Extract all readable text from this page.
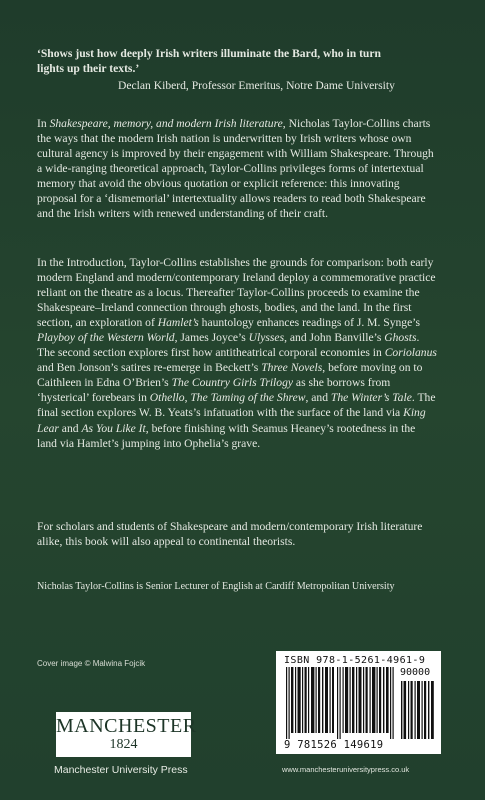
‘Shows just how deeply Irish writers illuminate the Bard, who in turn
lights up their texts.’
Declan Kiberd, Professor Emeritus, Notre Dame University
In Shakespeare, memory, and modern Irish literature, Nicholas Taylor-Collins charts the ways that the modern Irish nation is underwritten by Irish writers whose own cultural agency is improved by their engagement with William Shakespeare. Through a wide-ranging theoretical approach, Taylor-Collins privileges forms of intertextual memory that avoid the obvious quotation or explicit reference: this innovating proposal for a ‘dismemorial’ intertextuality allows readers to read both Shakespeare and the Irish writers with renewed understanding of their craft.
In the Introduction, Taylor-Collins establishes the grounds for comparison: both early modern England and modern/contemporary Ireland deploy a commemorative practice reliant on the theatre as a locus. Thereafter Taylor-Collins proceeds to examine the Shakespeare–Ireland connection through ghosts, bodies, and the land. In the first section, an exploration of Hamlet’s hauntology enhances readings of J. M. Synge’s Playboy of the Western World, James Joyce’s Ulysses, and John Banville’s Ghosts. The second section explores first how antitheatrical corporal economies in Coriolanus and Ben Jonson’s satires re-emerge in Beckett’s Three Novels, before moving on to Caithleen in Edna O’Brien’s The Country Girls Trilogy as she borrows from ‘hysterical’ forebears in Othello, The Taming of the Shrew, and The Winter’s Tale. The final section explores W. B. Yeats’s infatuation with the surface of the land via King Lear and As You Like It, before finishing with Seamus Heaney’s rootedness in the land via Hamlet’s jumping into Ophelia’s grave.
For scholars and students of Shakespeare and modern/contemporary Irish literature alike, this book will also appeal to continental theorists.
Nicholas Taylor-Collins is Senior Lecturer of English at Cardiff Metropolitan University
Cover image © Malwina Fojcik
MANCHESTER
1824
Manchester University Press
ISBN 978-1-5261-4961-9
90000
9 781526 149619
www.manchesteruniversitypress.co.uk
